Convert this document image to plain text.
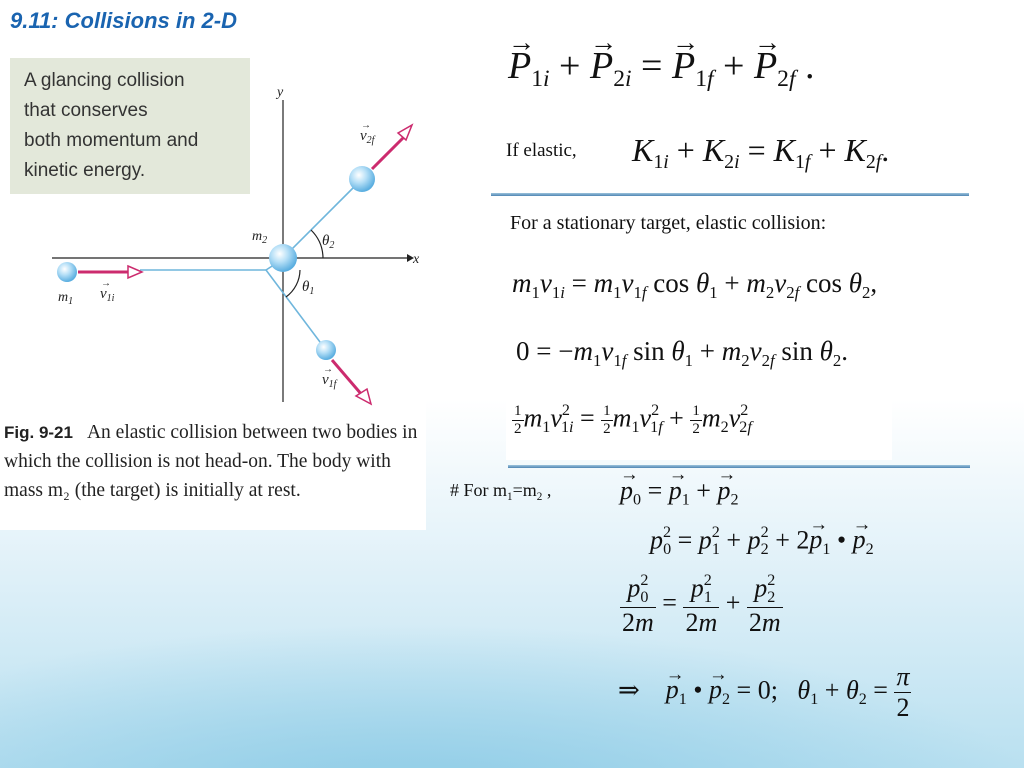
9.11: Collisions in 2-D
A glancing collision
that conserves
both momentum and
kinetic energy.
y
x
$\theta_2$
$\theta_1$
$m_1$
$m_2$
$v_{1i}$
→
$v_{2f}$
→
$v_{1f}$
→
Fig. 9-21 An elastic collision between two bodies in which the collision is not head-on. The body with mass m₂ (the target) is initially at rest.
→ $P_{1i}$ + → $P_{2i}$ = → $P_{1f}$ + → $P_{2f}$ .
If elastic, $K_{1i} + K_{2i} = K_{1f} + K_{2f}$.
For a stationary target, elastic collision:
$m_1v_{1i} = m_1v_{1f}$ $\cos \theta_1 + m_2v_{2f}$ $\cos \theta_2$,
$0 = -m_1v_{1f}$ $\sin \theta_1 + m_2v_{2f}$ $\sin \theta_2$.
$\frac{1}{2} m_1v^2_{1i} = \frac{1}{2} m_1v^2_{1f} + \frac{1}{2} m_2v^2_{2f}$
# For $m_1=m_2$ ,
→	$p_0$ = → $p_1$ + → $p_2$
$p^2_0 = p^2_1 + p^2_2 + 2\to p_1$ • → $p_2$
$\frac{p^2_0}{2m} = \frac{p^2_1}{2m} + \frac{p^2_2}{2m}$
⇒    → $p_1$ • → $p_2 = 0$;   $\theta_1 + \theta_2 = \frac{\pi}{2}$
